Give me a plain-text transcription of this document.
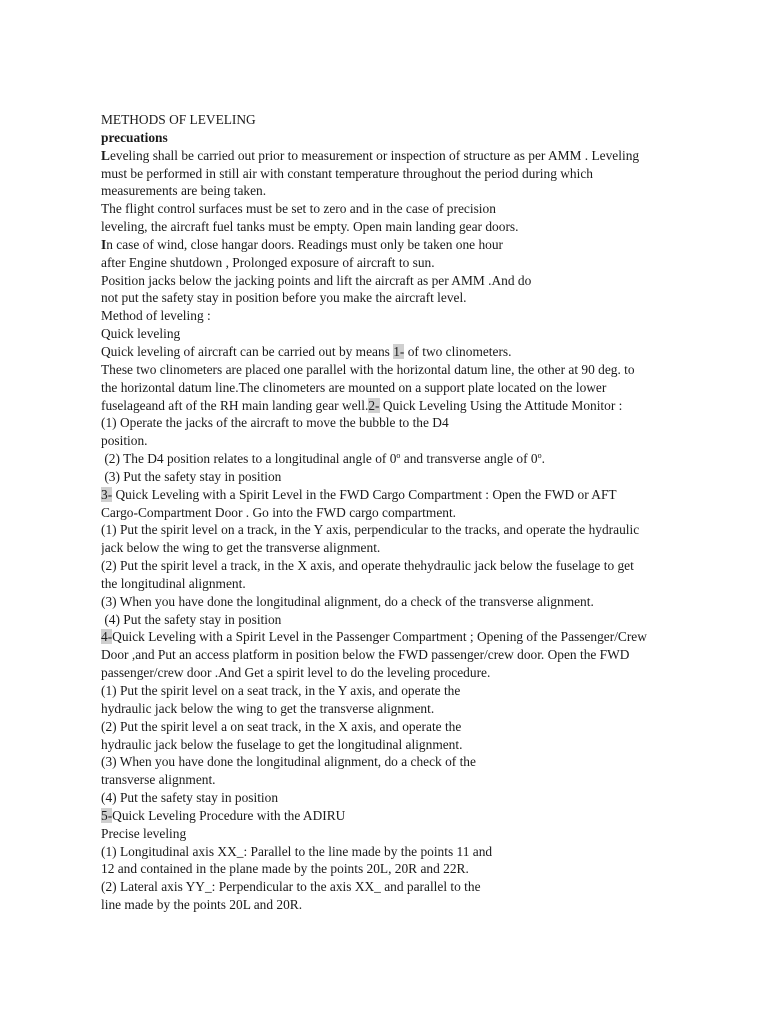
METHODS OF LEVELING
precuations
Leveling shall be carried out prior to measurement or inspection of structure as per AMM . Leveling
must be performed in still air with constant temperature throughout the period during which
measurements are being taken.
The flight control surfaces must be set to zero and in the case of precision
leveling, the aircraft fuel tanks must be empty. Open main landing gear doors.
In case of wind, close hangar doors. Readings must only be taken one hour
after Engine shutdown , Prolonged exposure of aircraft to sun.
Position jacks below the jacking points and lift the aircraft as per AMM .And do
not put the safety stay in position before you make the aircraft level.
Method of leveling :
Quick leveling
Quick leveling of aircraft can be carried out by means 1- of two clinometers.
These two clinometers are placed one parallel with the horizontal datum line, the other at 90 deg. to
the horizontal datum line.The clinometers are mounted on a support plate located on the lower
fuselageand aft of the RH main landing gear well.2- Quick Leveling Using the Attitude Monitor :
(1) Operate the jacks of the aircraft to move the bubble to the D4
position.
(2) The D4 position relates to a longitudinal angle of 0$^o$ and transverse angle of 0$^o$.
(3) Put the safety stay in position
3- Quick Leveling with a Spirit Level in the FWD Cargo Compartment : Open the FWD or AFT
Cargo-Compartment Door . Go into the FWD cargo compartment.
(1) Put the spirit level on a track, in the Y axis, perpendicular to the tracks, and operate the hydraulic
jack below the wing to get the transverse alignment.
(2) Put the spirit level a track, in the X axis, and operate thehydraulic jack below the fuselage to get
the longitudinal alignment.
(3) When you have done the longitudinal alignment, do a check of the transverse alignment.
(4) Put the safety stay in position
4-Quick Leveling with a Spirit Level in the Passenger Compartment ; Opening of the Passenger/Crew
Door ,and Put an access platform in position below the FWD passenger/crew door. Open the FWD
passenger/crew door .And Get a spirit level to do the leveling procedure.
(1) Put the spirit level on a seat track, in the Y axis, and operate the
hydraulic jack below the wing to get the transverse alignment.
(2) Put the spirit level a on seat track, in the X axis, and operate the
hydraulic jack below the fuselage to get the longitudinal alignment.
(3) When you have done the longitudinal alignment, do a check of the
transverse alignment.
(4) Put the safety stay in position
5-Quick Leveling Procedure with the ADIRU
Precise leveling
(1) Longitudinal axis XX_: Parallel to the line made by the points 11 and
12 and contained in the plane made by the points 20L, 20R and 22R.
(2) Lateral axis YY_: Perpendicular to the axis XX_ and parallel to the
line made by the points 20L and 20R.
